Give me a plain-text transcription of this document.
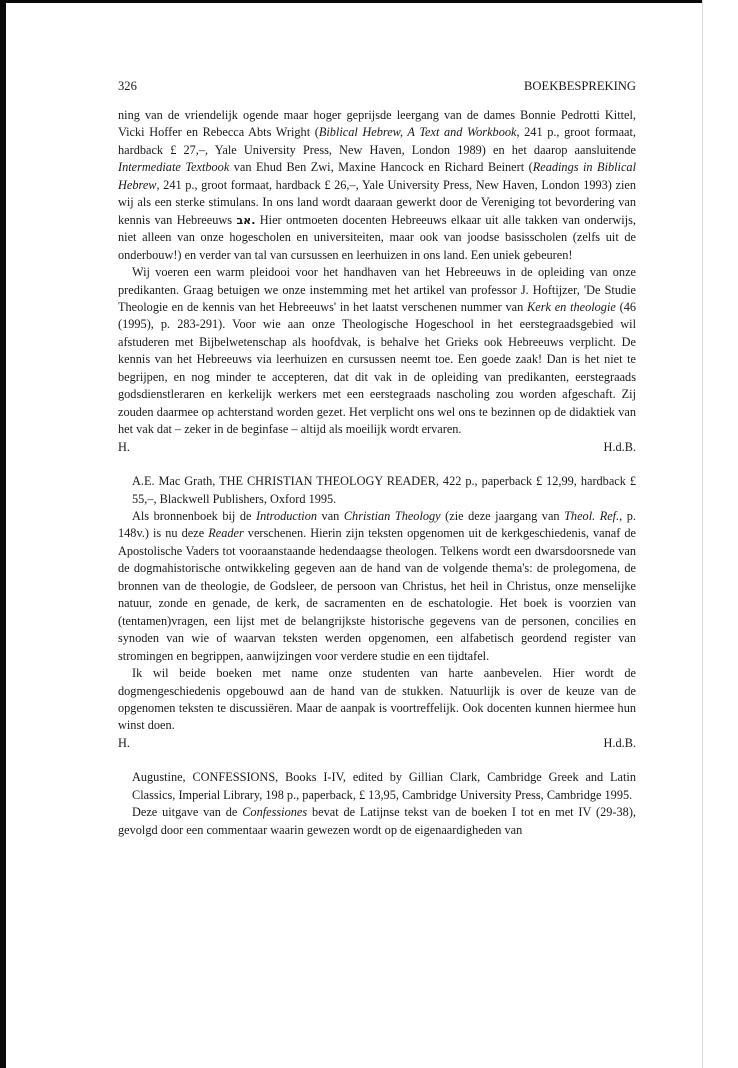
326	BOEKBESPREKING

ning van de vriendelijk ogende maar hoger geprijsde leergang van de dames Bonnie Pedrotti Kittel, Vicki Hoffer en Rebecca Abts Wright (Biblical Hebrew, A Text and Workbook, 241 p., groot formaat, hardback £ 27,–, Yale University Press, New Haven, London 1989) en het daarop aansluitende Intermediate Textbook van Ehud Ben Zwi, Maxine Hancock en Richard Beinert (Readings in Biblical Hebrew, 241 p., groot formaat, hardback £ 26,–, Yale University Press, New Haven, London 1993) zien wij als een sterke stimulans. In ons land wordt daaraan gewerkt door de Vereniging tot bevordering van kennis van Hebreeuws אב. Hier ontmoeten docenten Hebreeuws elkaar uit alle takken van onderwijs, niet alleen van onze hogescholen en universiteiten, maar ook van joodse basisscholen (zelfs uit de onderbouw!) en verder van tal van cursussen en leerhuizen in ons land. Een uniek gebeuren!

Wij voeren een warm pleidooi voor het handhaven van het Hebreeuws in de opleiding van onze predikanten. Graag betuigen we onze instemming met het artikel van professor J. Hoftijzer, 'De Studie Theologie en de kennis van het Hebreeuws' in het laatst verschenen nummer van Kerk en theologie (46 (1995), p. 283-291). Voor wie aan onze Theologische Hogeschool in het eerstegraadsgebied wil afstuderen met Bijbelwetenschap als hoofdvak, is behalve het Grieks ook Hebreeuws verplicht. De kennis van het Hebreeuws via leerhuizen en cursussen neemt toe. Een goede zaak! Dan is het niet te begrijpen, en nog minder te accepteren, dat dit vak in de opleiding van predikanten, eerstegraads godsdienstleraren en kerkelijk werkers met een eerstegraads nascholing zou worden afgeschaft. Zij zouden daarmee op achterstand worden gezet. Het verplicht ons wel ons te bezinnen op de didaktiek van het vak dat – zeker in de beginfase – altijd als moeilijk wordt ervaren.

H.	H.d.B.

A.E. Mac Grath, THE CHRISTIAN THEOLOGY READER, 422 p., paperback £ 12,99, hardback £ 55,–, Blackwell Publishers, Oxford 1995.

Als bronnenboek bij de Introduction van Christian Theology (zie deze jaargang van Theol. Ref., p. 148v.) is nu deze Reader verschenen. Hierin zijn teksten opgenomen uit de kerkgeschiedenis, vanaf de Apostolische Vaders tot vooraanstaande hedendaagse theologen. Telkens wordt een dwarsdoorsnede van de dogmahistorische ontwikkeling gegeven aan de hand van de volgende thema's: de prolegomena, de bronnen van de theologie, de Godsleer, de persoon van Christus, het heil in Christus, onze menselijke natuur, zonde en genade, de kerk, de sacramenten en de eschatologie. Het boek is voorzien van (tentamen)vragen, een lijst met de belangrijkste historische gegevens van de personen, concilies en synoden van wie of waarvan teksten werden opgenomen, een alfabetisch geordend register van stromingen en begrippen, aanwijzingen voor verdere studie en een tijdtafel.

Ik wil beide boeken met name onze studenten van harte aanbevelen. Hier wordt de dogmengeschiedenis opgebouwd aan de hand van de stukken. Natuurlijk is over de keuze van de opgenomen teksten te discussiëren. Maar de aanpak is voortreffelijk. Ook docenten kunnen hiermee hun winst doen.

H.	H.d.B.

Augustine, CONFESSIONS, Books I-IV, edited by Gillian Clark, Cambridge Greek and Latin Classics, Imperial Library, 198 p., paperback, £ 13,95, Cambridge University Press, Cambridge 1995.

Deze uitgave van de Confessiones bevat de Latijnse tekst van de boeken I tot en met IV (29-38), gevolgd door een commentaar waarin gewezen wordt op de eigenaardigheden van
